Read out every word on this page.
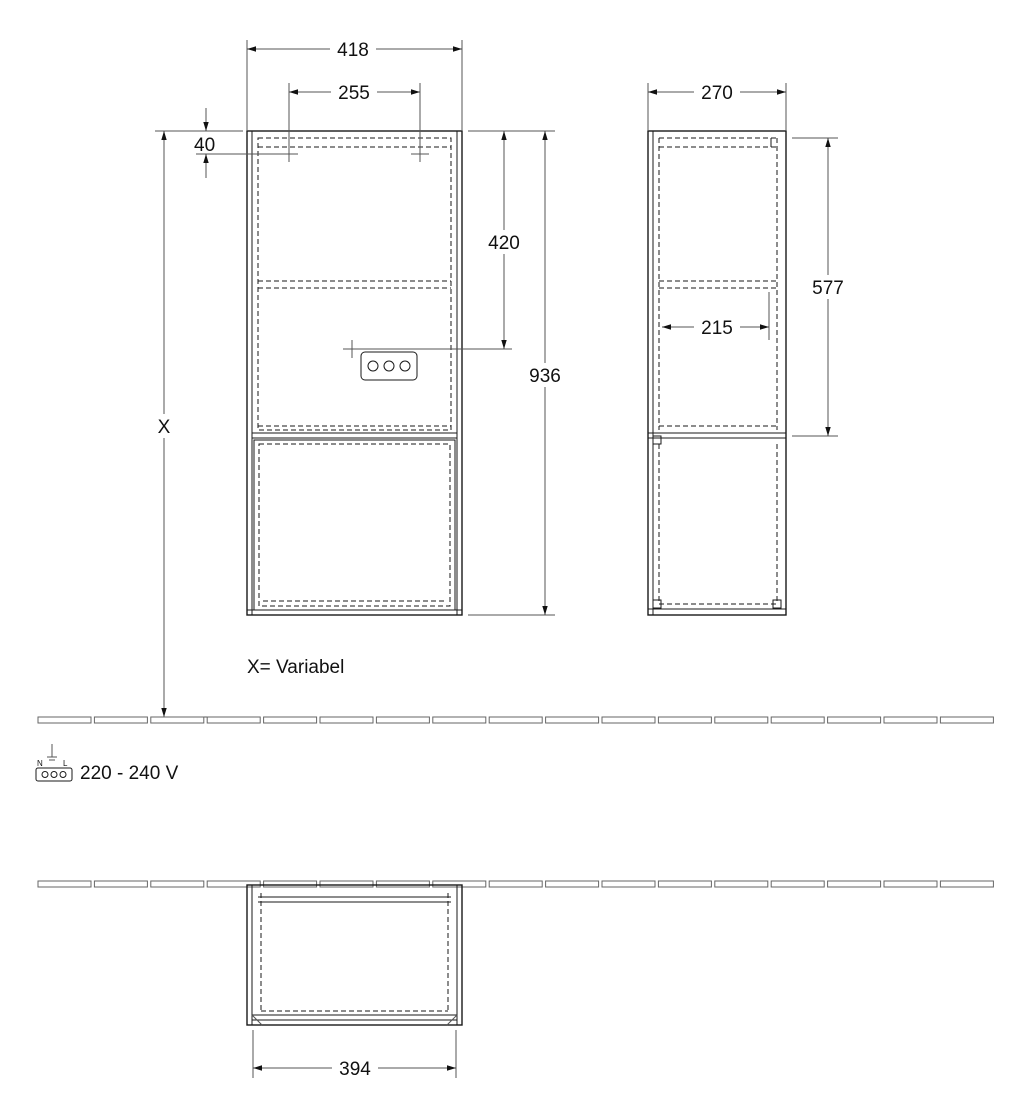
418
255
40
420
936
X
270
215
577
X= Variabel
N	L 220 - 240 V
394
